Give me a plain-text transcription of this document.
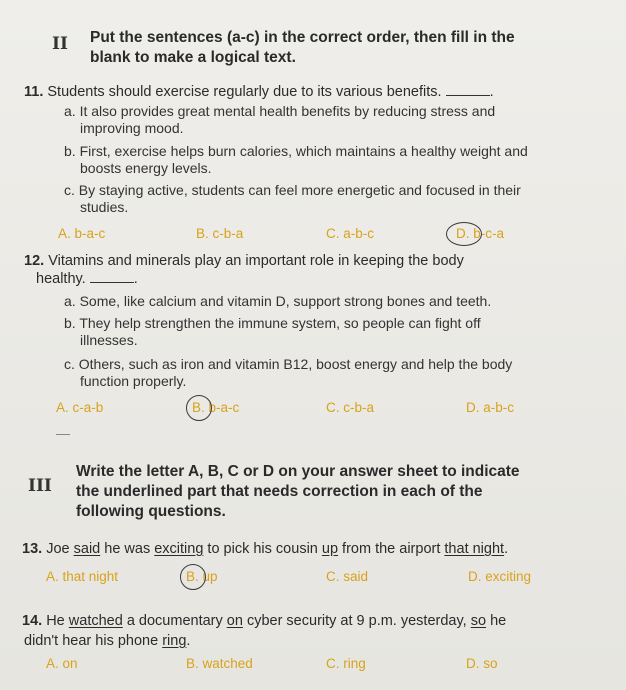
II Put the sentences (a-c) in the correct order, then fill in the
blank to make a logical text.
11. Students should exercise regularly due to its various benefits.	.
a. It also provides great mental health benefits by reducing stress and
improving mood.
b. First, exercise helps burn calories, which maintains a healthy weight and
boosts energy levels.
c. By staying active, students can feel more energetic and focused in their
studies.
A. b-a-c	B. c-b-a	C. a-b-c	D. b-c-a
12. Vitamins and minerals play an important role in keeping the body
healthy.	.
a. Some, like calcium and vitamin D, support strong bones and teeth.
b. They help strengthen the immune system, so people can fight off
illnesses.
c. Others, such as iron and vitamin B12, boost energy and help the body
function properly.
A. c-a-b	B. b-a-c	C. c-b-a	D. a-b-c
III
Write the letter A, B, C or D on your answer sheet to indicate
the underlined part that needs correction in each of the
following questions.
13. Joe said he was exciting to pick his cousin up from the airport that night.
A. that night	B. up	C. said	D. exciting
14. He watched a documentary on cyber security at 9 p.m. yesterday, so he
didn't hear his phone ring.
A. on	B. watched	C. ring	D. so
